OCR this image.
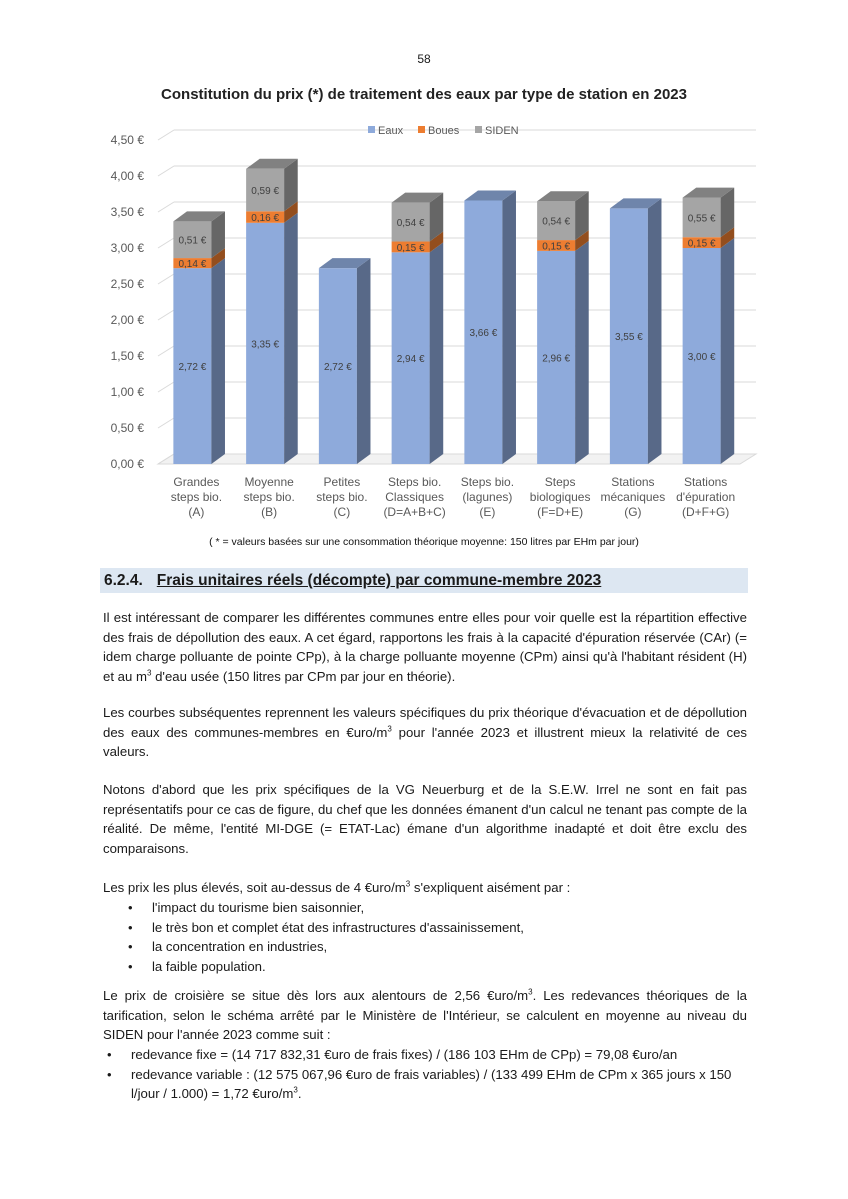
58
Constitution du prix (*) de traitement des eaux par type de station en 2023
0,00 €
0,50 €
1,00 €
1,50 €
2,00 €
2,50 €
3,00 €
3,50 €
4,00 €
4,50 €
2,72 €
0,14 €
0,51 €
3,35 €
0,16 €
0,59 €
2,72 €
2,94 €
0,15 €
0,54 €
3,66 €
2,96 €
0,15 €
0,54 €
3,55 €
3,00 €
0,15 €
0,55 €
Grandes steps bio. (A)
Moyenne steps bio. (B)
Petites steps bio. (C)
Steps bio. Classiques (D=A+B+C)
Steps bio. (lagunes) (E)
Steps biologiques (F=D+E)
Stations mécaniques (G)
Stations d'épuration (D+F+G)
Eaux Boues SIDEN
( * = valeurs basées sur une consommation théorique moyenne: 150 litres par EHm par jour)
6.2.4. Frais unitaires réels (décompte) par commune-membre 2023
Il est intéressant de comparer les différentes communes entre elles pour voir quelle est la répartition effective des frais de dépollution des eaux. A cet égard, rapportons les frais à la capacité d'épuration réservée (CAr) (= idem charge polluante de pointe CPp), à la charge polluante moyenne (CPm) ainsi qu'à l'habitant résident (H) et au $m^3$ d'eau usée (150 litres par CPm par jour en théorie).
Les courbes subséquentes reprennent les valeurs spécifiques du prix théorique d'évacuation et de dépollution des eaux des communes-membres en $€uro/m^3$ pour l'année 2023 et illustrent mieux la relativité de ces valeurs.
Notons d'abord que les prix spécifiques de la VG Neuerburg et de la S.E.W. Irrel ne sont en fait pas représentatifs pour ce cas de figure, du chef que les données émanent d'un calcul ne tenant pas compte de la réalité. De même, l'entité MI-DGE (= ETAT-Lac) émane d'un algorithme inadapté et doit être exclu des comparaisons.
Les prix les plus élevés, soit au-dessus de 4 $€uro/m^3$ s'expliquent aisément par :
• l'impact du tourisme bien saisonnier,
• le très bon et complet état des infrastructures d'assainissement,
• la concentration en industries,
• la faible population.
Le prix de croisière se situe dès lors aux alentours de 2,56 $€uro/m^3$. Les redevances théoriques de la tarification, selon le schéma arrêté par le Ministère de l'Intérieur, se calculent en moyenne au niveau du SIDEN pour l'année 2023 comme suit :
• redevance fixe = (14 717 832,31 €uro de frais fixes) / (186 103 EHm de CPp) = 79,08 €uro/an
• redevance variable : (12 575 067,96 €uro de frais variables) / (133 499 EHm de CPm x 365 jours x 150 l/jour / 1.000) = 1,72 $€uro/m^3$.
